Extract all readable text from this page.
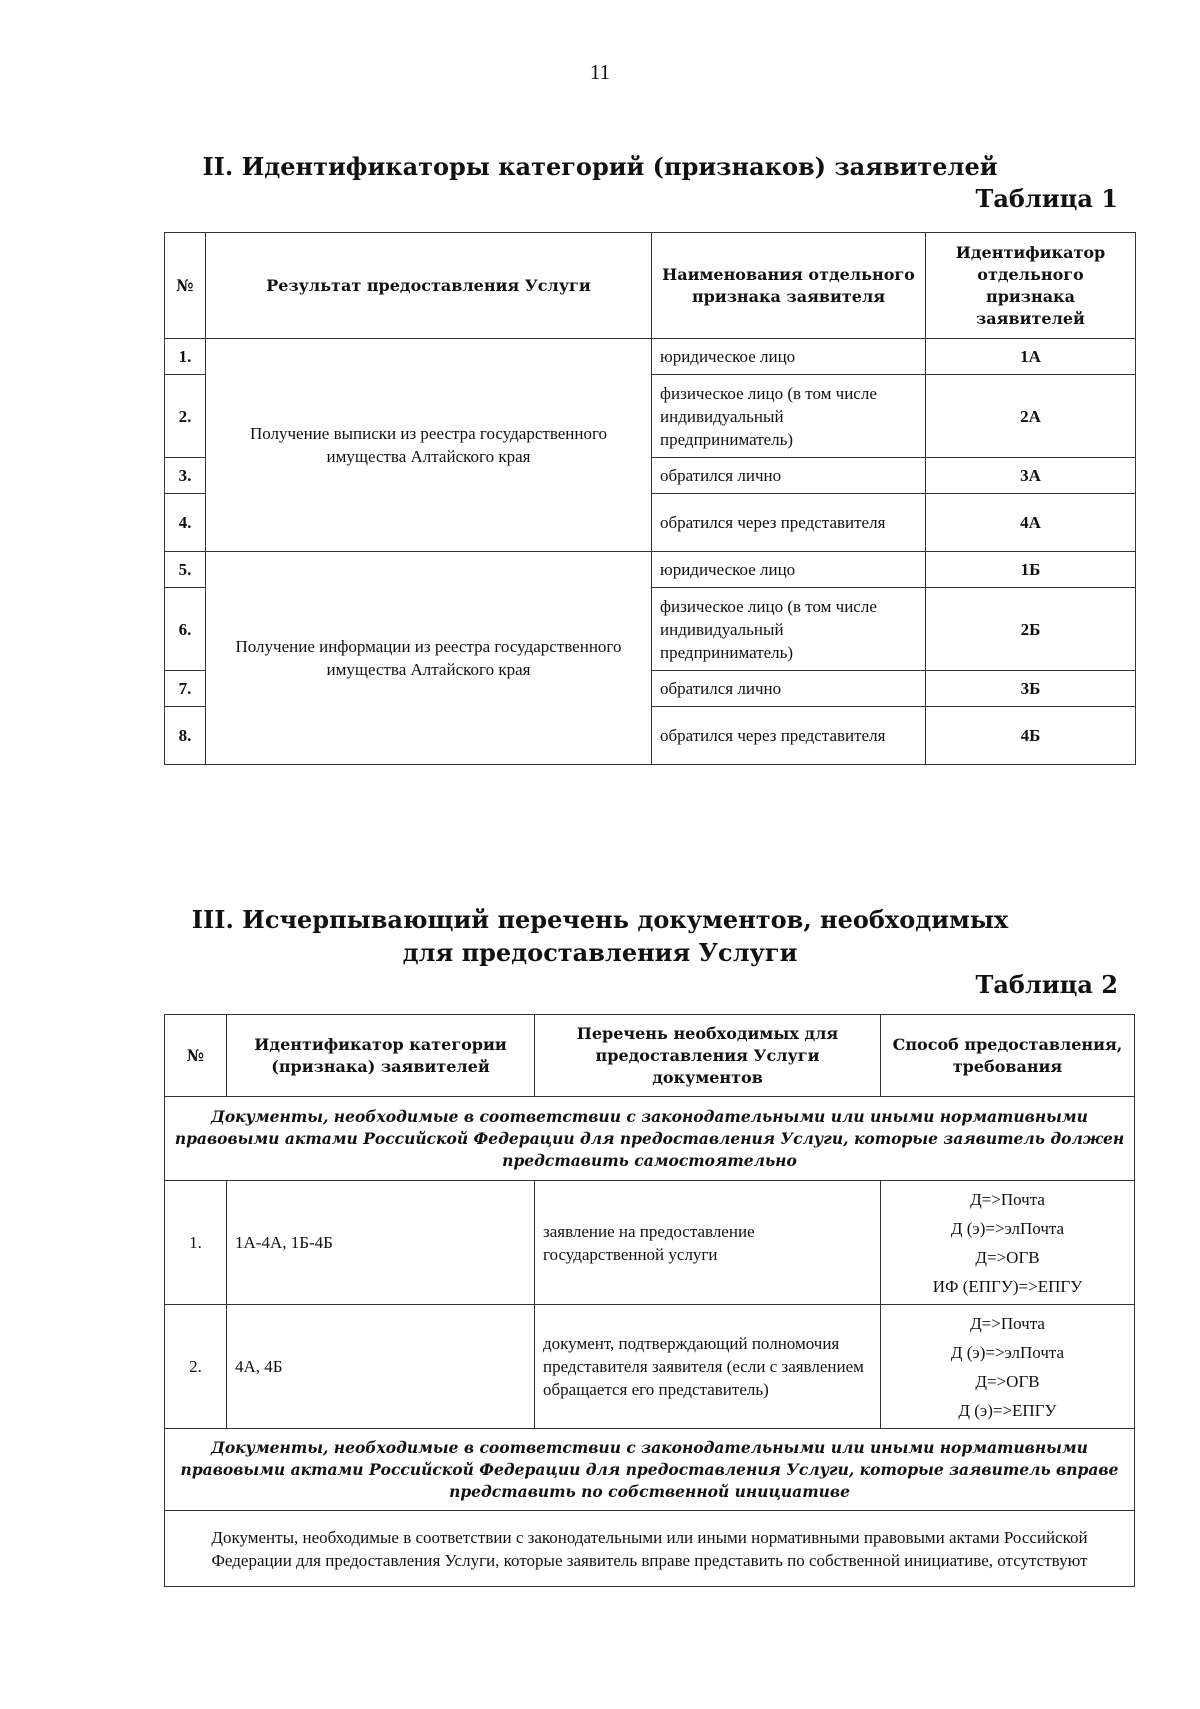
11
II. Идентификаторы категорий (признаков) заявителей
Таблица 1
№	Результат предоставления Услуги	Наименования отдельного признака заявителя	Идентификатор отдельного признака заявителей
1.	Получение выписки из реестра государственного имущества Алтайского края	юридическое лицо	1А
2.		физическое лицо (в том числе индивидуальный предприниматель)	2А
3.		обратился лично	3А
4.		обратился через представителя	4А
5.	Получение информации из реестра государственного имущества Алтайского края	юридическое лицо	1Б
6.		физическое лицо (в том числе индивидуальный предприниматель)	2Б
7.		обратился лично	3Б
8.		обратился через представителя	4Б
III. Исчерпывающий перечень документов, необходимых
для предоставления Услуги
Таблица 2
№	Идентификатор категории (признака) заявителей	Перечень необходимых для предоставления Услуги документов	Способ предоставления, требования
Документы, необходимые в соответствии с законодательными или иными нормативными правовыми актами Российской Федерации для предоставления Услуги, которые заявитель должен представить самостоятельно			
1.	1А-4А, 1Б-4Б	заявление на предоставление государственной услуги	Д=>Почта
Д (э)=>элПочта
Д=>ОГВ
ИФ (ЕПГУ)=>ЕПГУ

2.	4А, 4Б	документ, подтверждающий полномочия представителя заявителя (если с заявлением обращается его представитель)	Д=>Почта
Д (э)=>элПочта
Д=>ОГВ
Д (э)=>ЕПГУ

Документы, необходимые в соответствии с законодательными или иными нормативными правовыми актами Российской Федерации для предоставления Услуги, которые заявитель вправе представить по собственной инициативе			
Документы, необходимые в соответствии с законодательными или иными нормативными правовыми актами Российской Федерации для предоставления Услуги, которые заявитель вправе представить по собственной инициативе, отсутствуют			
